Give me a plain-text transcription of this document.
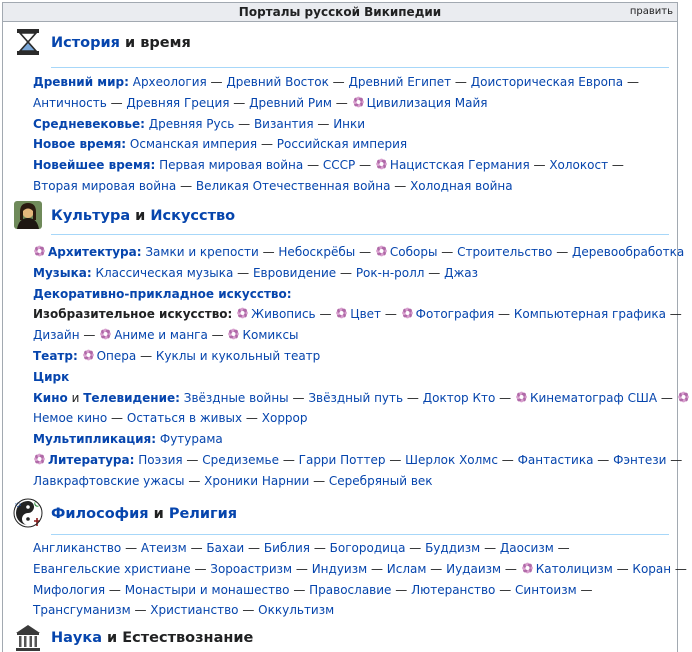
Порталы русской Википедии	править
История и время
Древний мир: Археология — Древний Восток — Древний Египет — Доисторическая Европа —
Античность — Древняя Греция — Древний Рим — Цивилизация Майя
Средневековье: Древняя Русь — Византия — Инки
Новое время: Османская империя — Российская империя
Новейшее время: Первая мировая война — СССР — Нацистская Германия — Холокост —
Вторая мировая война — Великая Отечественная война — Холодная война
Культура и Искусство
Архитектура: Замки и крепости — Небоскрёбы — Соборы — Строительство — Деревообработка
Музыка: Классическая музыка — Евровидение — Рок-н-ролл — Джаз
Декоративно-прикладное искусство:
Изобразительное искусство: Живопись — Цвет — Фотография — Компьютерная графика —
Дизайн — Аниме и манга — Комиксы
Театр: Опера — Куклы и кукольный театр
Цирк
Кино и Телевидение: Звёздные войны — Звёздный путь — Доктор Кто — Кинематограф США —
Немое кино — Остаться в живых — Хоррор
Мультипликация: Футурама
Литература: Поэзия — Средиземье — Гарри Поттер — Шерлок Холмс — Фантастика — Фэнтези —
Лавкрафтовские ужасы — Хроники Нарнии — Серебряный век
Философия и Религия
Англиканство — Атеизм — Бахаи — Библия — Богородица — Буддизм — Даосизм —
Евангельские христиане — Зороастризм — Индуизм — Ислам — Иудаизм — Католицизм — Коран —
Мифология — Монастыри и монашество — Православие — Лютеранство — Синтоизм —
Трансгуманизм — Христианство — Оккультизм
Наука и Естествознание
